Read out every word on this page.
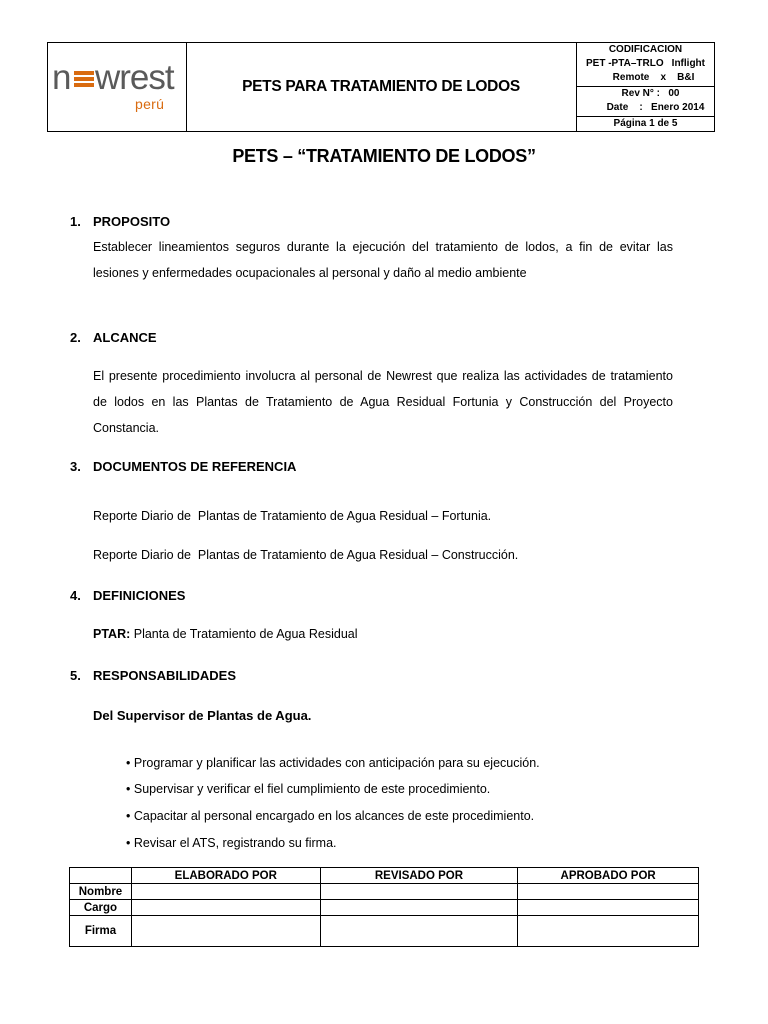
n wrest
perú
PETS PARA TRATAMIENTO DE LODOS
CODIFICACION
PET -PTA–TRLO Inflight
Remote    x    B&I
Rev N° :   00
Date    :   Enero 2014
Página 1 de 5
PETS – “TRATAMIENTO DE LODOS”
1. PROPOSITO
Establecer lineamientos seguros durante la ejecución del tratamiento de lodos, a fin de evitar las lesiones y enfermedades ocupacionales al personal y daño al medio ambiente
2. ALCANCE
El presente procedimiento involucra al personal de Newrest que realiza las actividades de tratamiento de lodos en las Plantas de Tratamiento de Agua Residual Fortunia y Construcción del Proyecto Constancia.
3. DOCUMENTOS DE REFERENCIA
Reporte Diario de  Plantas de Tratamiento de Agua Residual – Fortunia.
Reporte Diario de  Plantas de Tratamiento de Agua Residual – Construcción.
4. DEFINICIONES
PTAR: Planta de Tratamiento de Agua Residual
5. RESPONSABILIDADES
Del Supervisor de Plantas de Agua.
• Programar y planificar las actividades con anticipación para su ejecución.
• Supervisar y verificar el fiel cumplimiento de este procedimiento.
• Capacitar al personal encargado en los alcances de este procedimiento.
• Revisar el ATS, registrando su firma.
	ELABORADO POR	REVISADO POR	APROBADO POR
Nombre			
Cargo			
Firma			
